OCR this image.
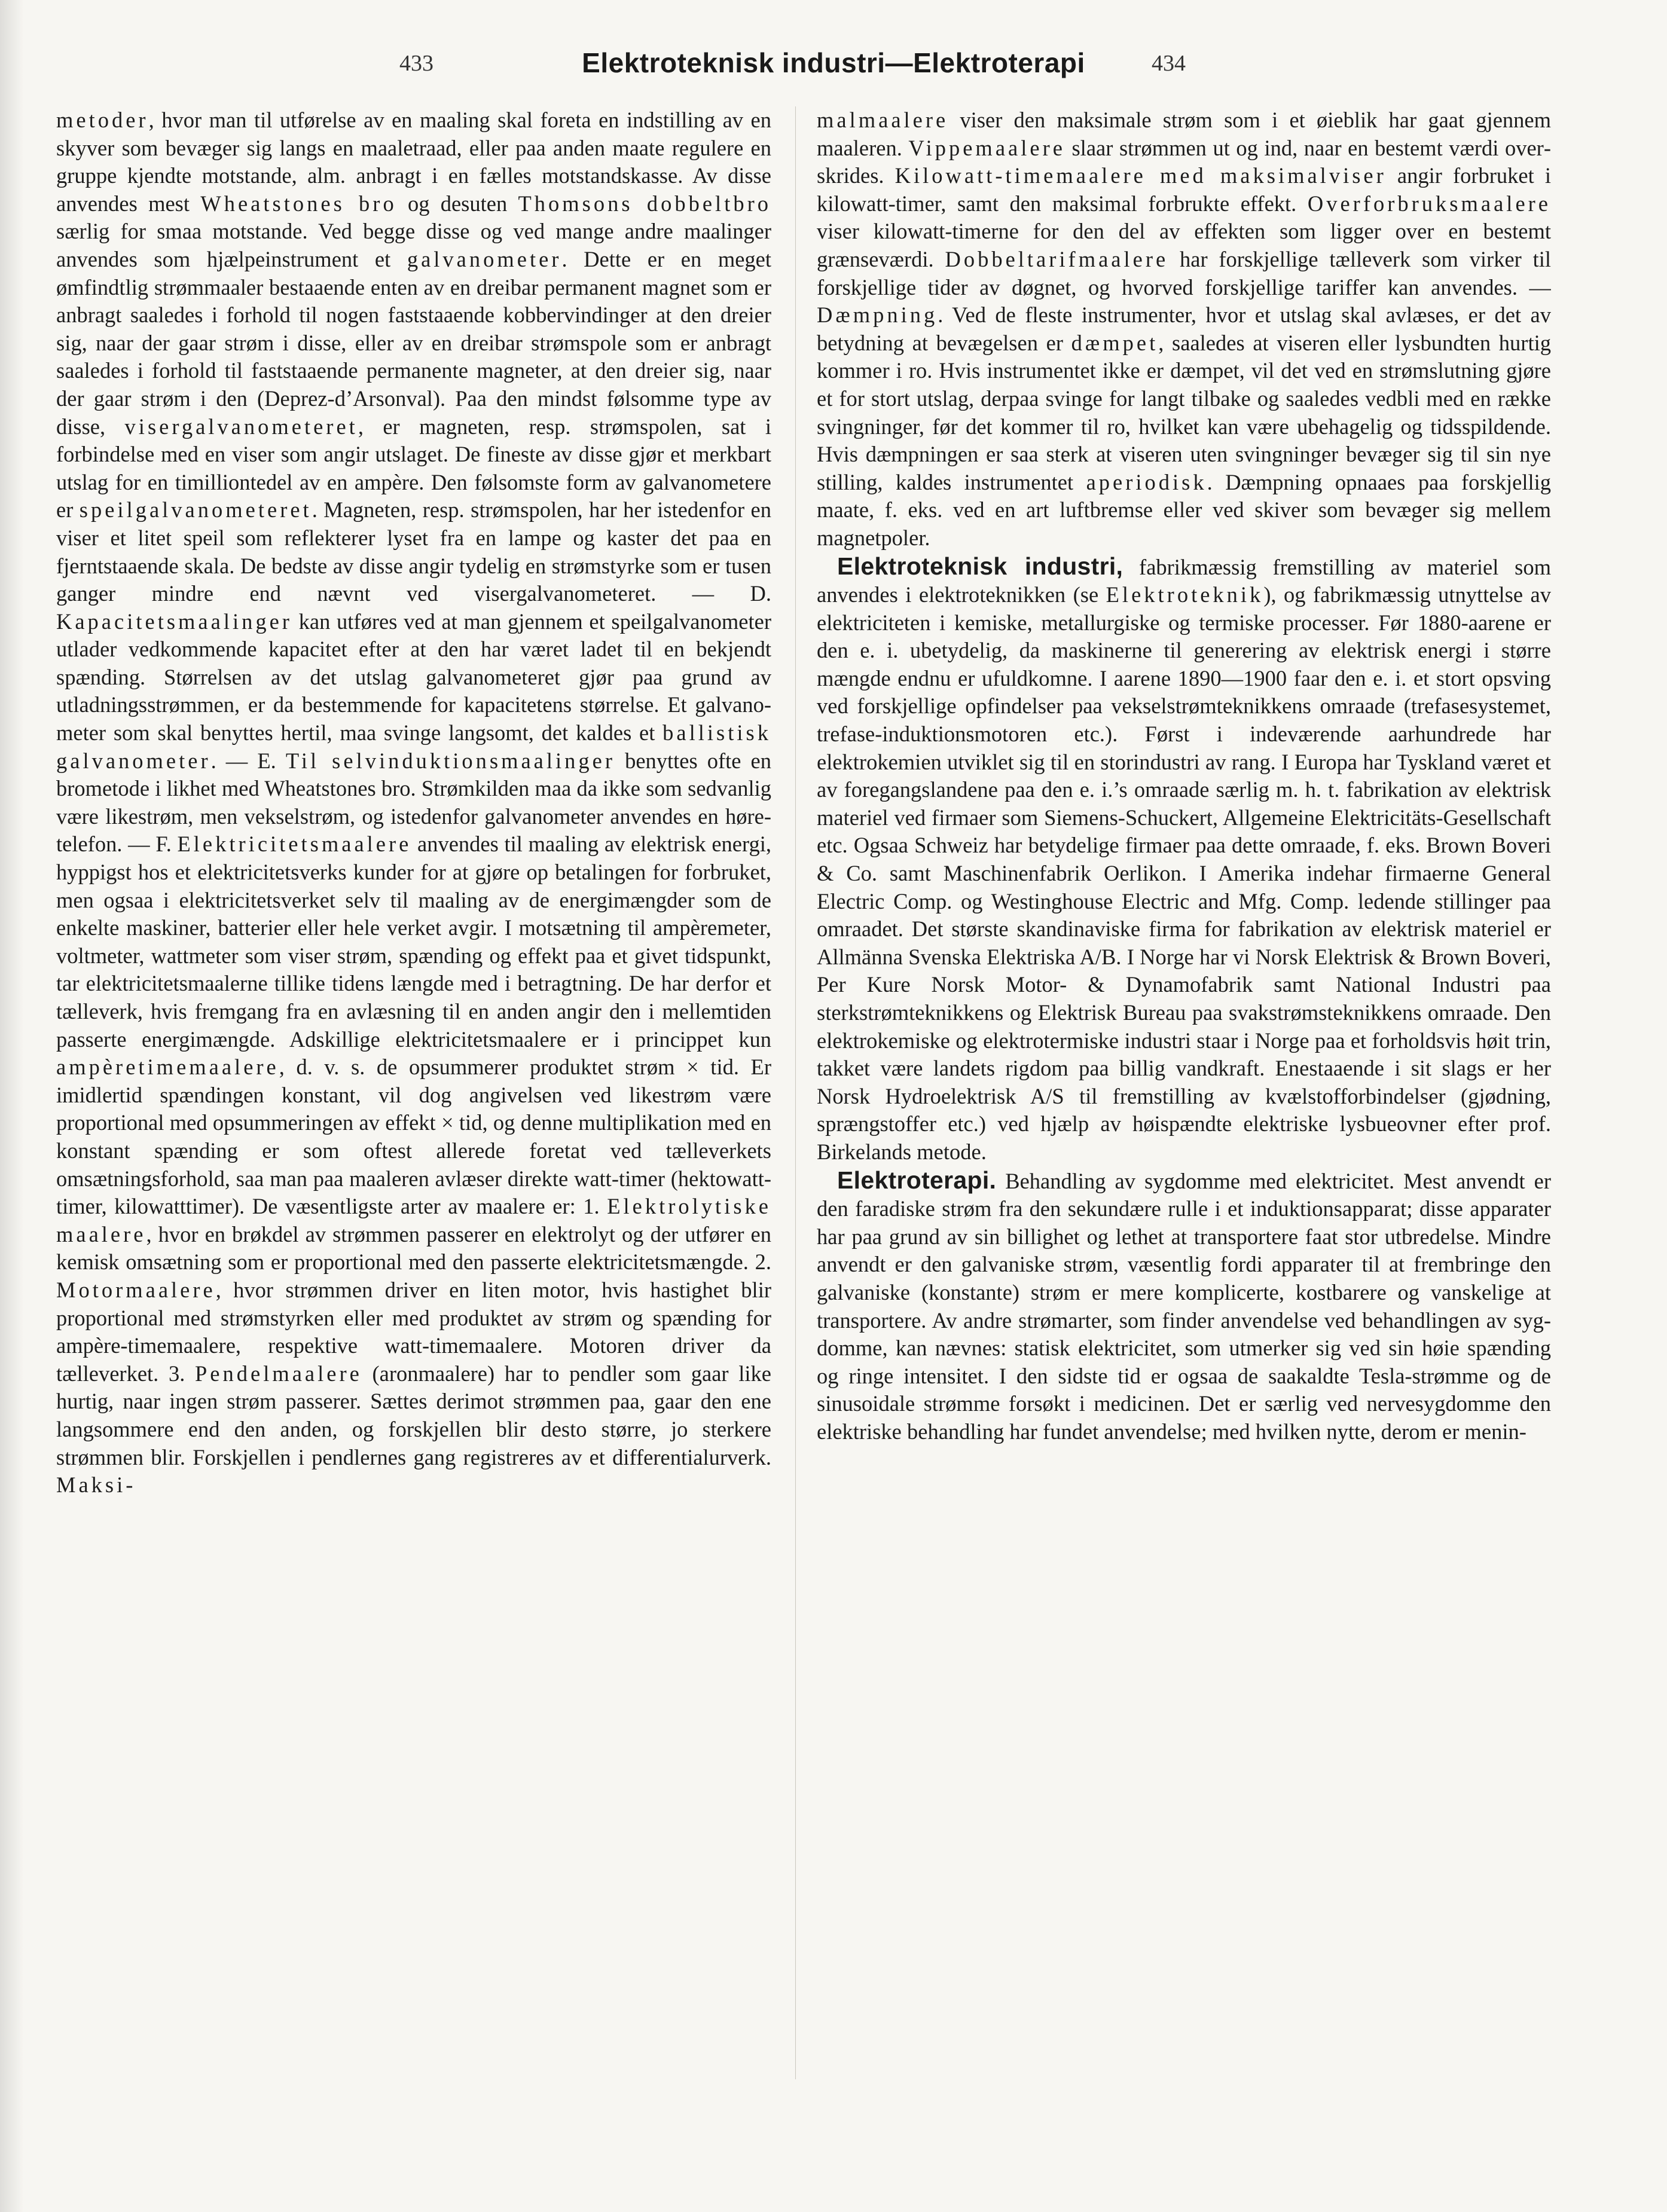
433	Elektroteknisk industri—Elektroterapi	434

metoder, hvor man til utførelse av en maaling skal foreta en indstilling av en skyver som bevæger sig langs en maaletraad, eller paa anden maate regulere en gruppe kjendte motstande, alm. anbragt i en fælles motstandskasse. Av disse anvendes mest Wheatstones bro og desuten Thomsons dobbeltbro særlig for smaa motstande. Ved begge disse og ved mange andre maalinger anvendes som hjælpeinstrument et galvanometer. Dette er en meget ømfindtlig strømmaaler bestaaende enten av en dreibar permanent magnet som er anbragt saaledes i forhold til nogen faststaaende kobbervindinger at den dreier sig, naar der gaar strøm i disse, eller av en dreibar strømspole som er anbragt saaledes i forhold til faststaaende permanente magneter, at den dreier sig, naar der gaar strøm i den (Deprez-d’Arsonval). Paa den mindst følsomme type av disse, visergalvanometeret, er magneten, resp. strømspolen, sat i forbindelse med en viser som angir utslaget. De fineste av disse gjør et merkbart utslag for en timilliontedel av en ampère. Den følsomste form av galvanometere er speilgalvanometeret. Magneten, resp. strømspolen, har her istedenfor en viser et litet speil som reflekterer lyset fra en lampe og kaster det paa en fjerntstaaende skala. De bedste av disse angir tydelig en strømstyrke som er tusen ganger mindre end nævnt ved visergalvanometeret. — D. Kapacitetsmaalinger kan utføres ved at man gjennem et speilgalvanometer utlader vedkommende kapacitet efter at den har været ladet til en bekjendt spænding. Størrelsen av det utslag galvanometeret gjør paa grund av utladningsstrømmen, er da bestemmende for kapacitetens størrelse. Et galvanometer som skal benyttes hertil, maa svinge langsomt, det kaldes et ballistisk galvanometer. — E. Til selvinduktionsmaalinger benyttes ofte en brometode i likhet med Wheatstones bro. Strømkilden maa da ikke som sedvanlig være likestrøm, men vekselstrøm, og istedenfor galvanometer anvendes en høretelefon. — F. Elektricitetsmaalere anvendes til maaling av elektrisk energi, hyppigst hos et elektricitetsverks kunder for at gjøre op betalingen for forbruket, men ogsaa i elektricitetsverket selv til maaling av de energimængder som de enkelte maskiner, batterier eller hele verket avgir. I motsætning til ampèremeter, voltmeter, wattmeter som viser strøm, spænding og effekt paa et givet tidspunkt, tar elektricitetsmaalerne tillike tidens længde med i betragtning. De har derfor et tælleverk, hvis fremgang fra en avlæsning til en anden angir den i mellemtiden passerte energimængde. Adskillige elektricitetsmaalere er i princippet kun ampèretimemaalere, d. v. s. de opsummerer produktet strøm × tid. Er imidlertid spændingen konstant, vil dog angivelsen ved likestrøm være proportional med opsummeringen av effekt × tid, og denne multiplikation med en konstant spænding er som oftest allerede foretat ved tælleverkets omsætningsforhold, saa man paa maaleren avlæser direkte watt-timer (hektowatt-timer, kilowatttimer). De væsentligste arter av maalere er: 1. Elektrolytiske maalere, hvor en brøkdel av strømmen passerer en elektrolyt og der utfører en kemisk omsætning som er proportional med den passerte elektricitetsmængde. 2. Motormaalere, hvor strømmen driver en liten motor, hvis hastighet blir proportional med strømstyrken eller med produktet av strøm og spænding for ampère-timemaalere, respektive watt-timemaalere. Motoren driver da tælleverket. 3. Pendelmaalere (aronmaalere) har to pendler som gaar like hurtig, naar ingen strøm passerer. Sættes derimot strømmen paa, gaar den ene langsommere end den anden, og forskjellen blir desto større, jo sterkere strømmen blir. Forskjellen i pendlernes gang registreres av et differentialurverk. Maksi-

malmaalere viser den maksimale strøm som i et øieblik har gaat gjennem maaleren. Vippemaalere slaar strømmen ut og ind, naar en bestemt værdi overskrides. Kilowatt-timemaalere med maksimalviser angir forbruket i kilowatt-timer, samt den maksimal forbrukte effekt. Overforbruksmaalere viser kilowatt-timerne for den del av effekten som ligger over en bestemt grænseværdi. Dobbeltarifmaalere har forskjellige tælleverk som virker til forskjellige tider av døgnet, og hvorved forskjellige tariffer kan anvendes. — Dæmpning. Ved de fleste instrumenter, hvor et utslag skal avlæses, er det av betydning at bevægelsen er dæmpet, saaledes at viseren eller lysbundten hurtig kommer i ro. Hvis instrumentet ikke er dæmpet, vil det ved en strømslutning gjøre et for stort utslag, derpaa svinge for langt tilbake og saaledes vedbli med en række svingninger, før det kommer til ro, hvilket kan være ubehagelig og tidsspildende. Hvis dæmpningen er saa sterk at viseren uten svingninger bevæger sig til sin nye stilling, kaldes instrumentet aperiodisk. Dæmpning opnaaes paa forskjellig maate, f. eks. ved en art luftbremse eller ved skiver som bevæger sig mellem magnetpoler.

Elektroteknisk industri, fabrikmæssig fremstilling av materiel som anvendes i elektroteknikken (se Elektroteknik), og fabrikmæssig utnyttelse av elektriciteten i kemiske, metallurgiske og termiske processer. Før 1880-aarene er den e. i. ubetydelig, da maskinerne til generering av elektrisk energi i større mængde endnu er ufuldkomne. I aarene 1890—1900 faar den e. i. et stort opsving ved forskjellige opfindelser paa vekselstrømteknikkens omraade (trefasesystemet, trefase-induktionsmotoren etc.). Først i indeværende aarhundrede har elektrokemien utviklet sig til en storindustri av rang. I Europa har Tyskland været et av foregangslandene paa den e. i.’s omraade særlig m. h. t. fabrikation av elektrisk materiel ved firmaer som Siemens-Schuckert, Allgemeine Elektricitäts-Gesellschaft etc. Ogsaa Schweiz har betydelige firmaer paa dette omraade, f. eks. Brown Boveri & Co. samt Maschinenfabrik Oerlikon. I Amerika indehar firmaerne General Electric Comp. og Westinghouse Electric and Mfg. Comp. ledende stillinger paa omraadet. Det største skandinaviske firma for fabrikation av elektrisk materiel er Allmänna Svenska Elektriska A/B. I Norge har vi Norsk Elektrisk & Brown Boveri, Per Kure Norsk Motor- & Dynamofabrik samt National Industri paa sterkstrømteknikkens og Elektrisk Bureau paa svakstrømsteknikkens omraade. Den elektrokemiske og elektrotermiske industri staar i Norge paa et forholdsvis høit trin, takket være landets rigdom paa billig vandkraft. Enestaaende i sit slags er her Norsk Hydroelektrisk A/S til fremstilling av kvælstofforbindelser (gjødning, sprængstoffer etc.) ved hjælp av høispændte elektriske lysbueovner efter prof. Birkelands metode.

Elektroterapi. Behandling av sygdomme med elektricitet. Mest anvendt er den faradiske strøm fra den sekundære rulle i et induktionsapparat; disse apparater har paa grund av sin billighet og lethet at transportere faat stor utbredelse. Mindre anvendt er den galvaniske strøm, væsentlig fordi apparater til at frembringe den galvaniske (konstante) strøm er mere komplicerte, kostbarere og vanskelige at transportere. Av andre strømarter, som finder anvendelse ved behandlingen av sygdomme, kan nævnes: statisk elektricitet, som utmerker sig ved sin høie spænding og ringe intensitet. I den sidste tid er ogsaa de saakaldte Tesla-strømme og de sinusoidale strømme forsøkt i medicinen. Det er særlig ved nervesygdomme den elektriske behandling har fundet anvendelse; med hvilken nytte, derom er menin-
